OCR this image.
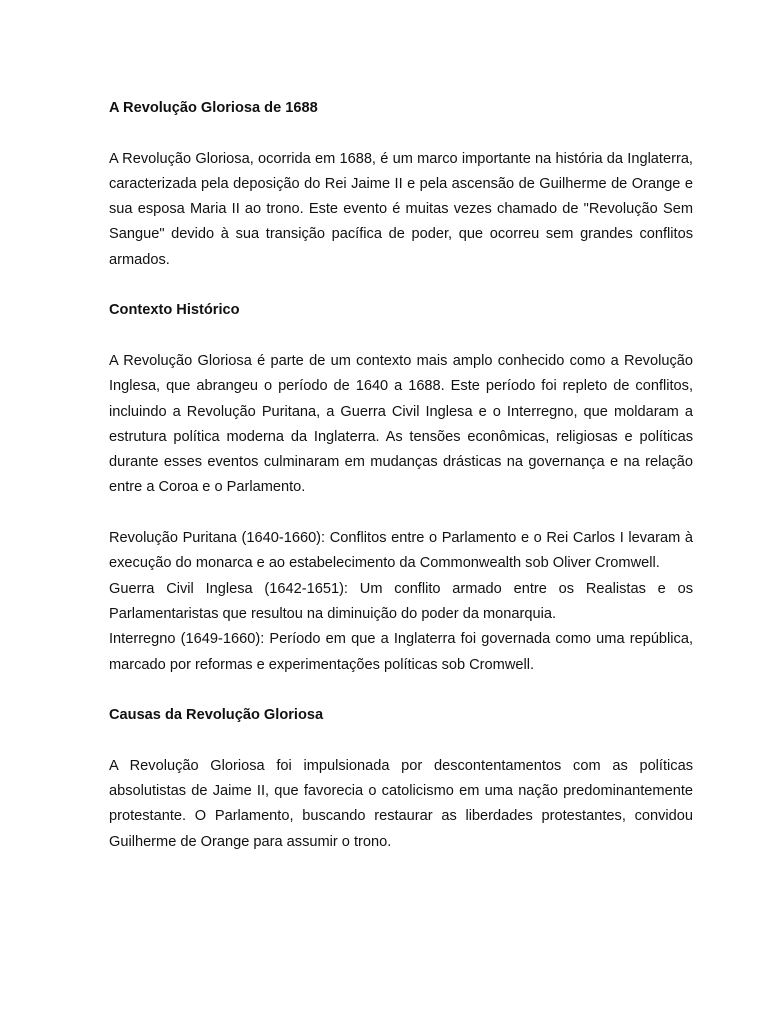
A Revolução Gloriosa de 1688

A Revolução Gloriosa, ocorrida em 1688, é um marco importante na história da Inglaterra, caracterizada pela deposição do Rei Jaime II e pela ascensão de Guilherme de Orange e sua esposa Maria II ao trono. Este evento é muitas vezes chamado de "Revolução Sem Sangue" devido à sua transição pacífica de poder, que ocorreu sem grandes conflitos armados.

Contexto Histórico

A Revolução Gloriosa é parte de um contexto mais amplo conhecido como a Revolução Inglesa, que abrangeu o período de 1640 a 1688. Este período foi repleto de conflitos, incluindo a Revolução Puritana, a Guerra Civil Inglesa e o Interregno, que moldaram a estrutura política moderna da Inglaterra. As tensões econômicas, religiosas e políticas durante esses eventos culminaram em mudanças drásticas na governança e na relação entre a Coroa e o Parlamento.

Revolução Puritana (1640-1660): Conflitos entre o Parlamento e o Rei Carlos I levaram à execução do monarca e ao estabelecimento da Commonwealth sob Oliver Cromwell.

Guerra Civil Inglesa (1642-1651): Um conflito armado entre os Realistas e os Parlamentaristas que resultou na diminuição do poder da monarquia.

Interregno (1649-1660): Período em que a Inglaterra foi governada como uma república, marcado por reformas e experimentações políticas sob Cromwell.

Causas da Revolução Gloriosa

A Revolução Gloriosa foi impulsionada por descontentamentos com as políticas absolutistas de Jaime II, que favorecia o catolicismo em uma nação predominantemente protestante. O Parlamento, buscando restaurar as liberdades protestantes, convidou Guilherme de Orange para assumir o trono.
